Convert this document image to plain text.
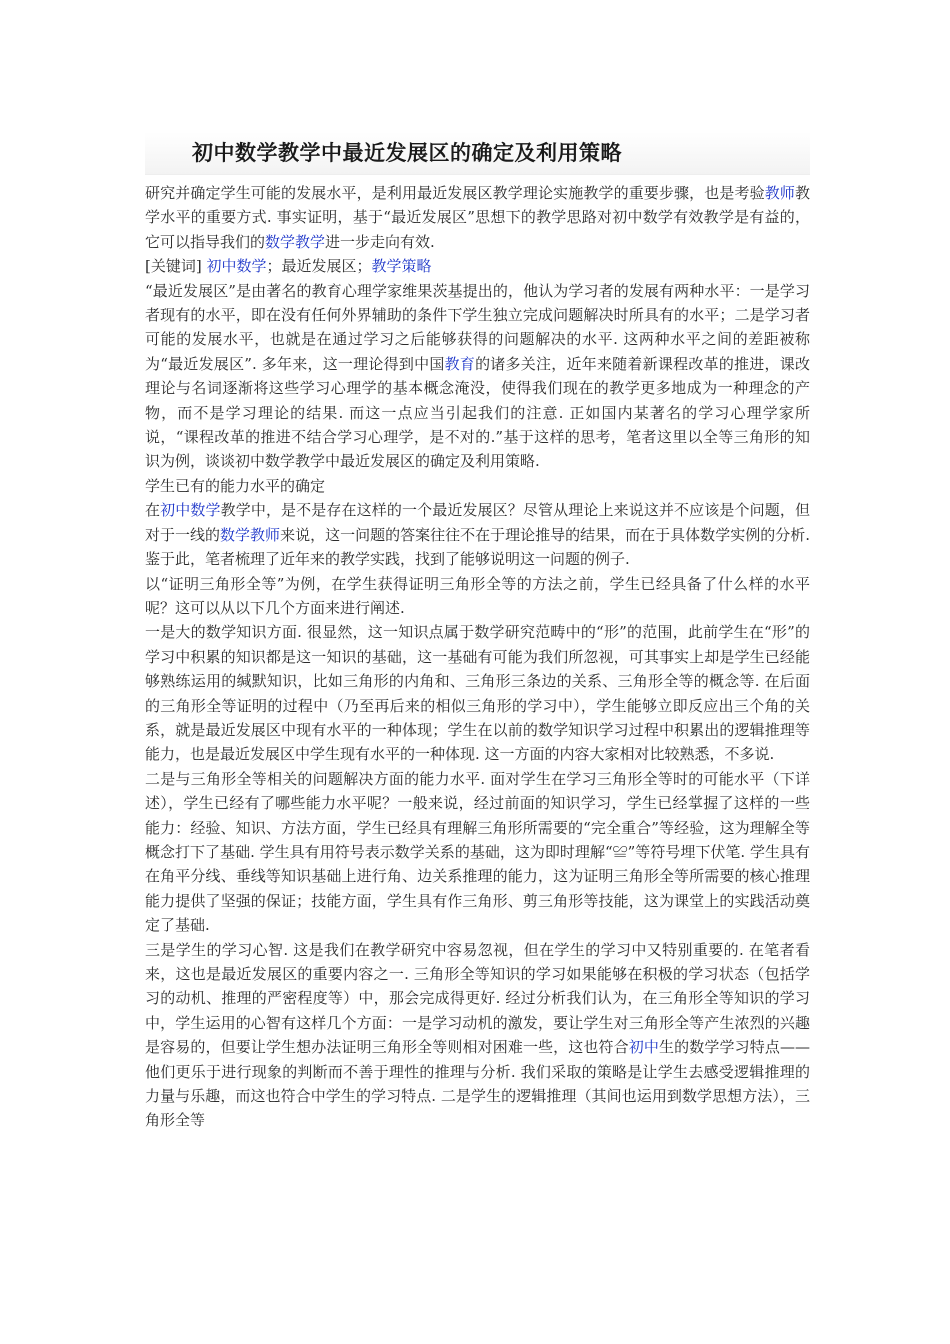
初中数学教学中最近发展区的确定及利用策略

研究并确定学生可能的发展水平，是利用最近发展区教学理论实施教学的重要步骤，也是考验教师教学水平的重要方式. 事实证明，基于“最近发展区”思想下的教学思路对初中数学有效教学是有益的，它可以指导我们的数学教学进一步走向有效.

[关键词] 初中数学；最近发展区；教学策略

“最近发展区”是由著名的教育心理学家维果茨基提出的，他认为学习者的发展有两种水平：一是学习者现有的水平，即在没有任何外界辅助的条件下学生独立完成问题解决时所具有的水平；二是学习者可能的发展水平，也就是在通过学习之后能够获得的问题解决的水平. 这两种水平之间的差距被称为“最近发展区”. 多年来，这一理论得到中国教育的诸多关注，近年来随着新课程改革的推进，课改理论与名词逐渐将这些学习心理学的基本概念淹没，使得我们现在的教学更多地成为一种理念的产物，而不是学习理论的结果. 而这一点应当引起我们的注意. 正如国内某著名的学习心理学家所说，“课程改革的推进不结合学习心理学，是不对的.”基于这样的思考，笔者这里以全等三角形的知识为例，谈谈初中数学教学中最近发展区的确定及利用策略.

学生已有的能力水平的确定

在初中数学教学中，是不是存在这样的一个最近发展区？尽管从理论上来说这并不应该是个问题，但对于一线的数学教师来说，这一问题的答案往往不在于理论推导的结果，而在于具体数学实例的分析. 鉴于此，笔者梳理了近年来的教学实践，找到了能够说明这一问题的例子.

以“证明三角形全等”为例，在学生获得证明三角形全等的方法之前，学生已经具备了什么样的水平呢？这可以从以下几个方面来进行阐述.

一是大的数学知识方面. 很显然，这一知识点属于数学研究范畴中的“形”的范围，此前学生在“形”的学习中积累的知识都是这一知识的基础，这一基础有可能为我们所忽视，可其事实上却是学生已经能够熟练运用的缄默知识，比如三角形的内角和、三角形三条边的关系、三角形全等的概念等. 在后面的三角形全等证明的过程中（乃至再后来的相似三角形的学习中），学生能够立即反应出三个角的关系，就是最近发展区中现有水平的一种体现；学生在以前的数学知识学习过程中积累出的逻辑推理等能力，也是最近发展区中学生现有水平的一种体现. 这一方面的内容大家相对比较熟悉，不多说.

二是与三角形全等相关的问题解决方面的能力水平. 面对学生在学习三角形全等时的可能水平（下详述），学生已经有了哪些能力水平呢？一般来说，经过前面的知识学习，学生已经掌握了这样的一些能力：经验、知识、方法方面，学生已经具有理解三角形所需要的“完全重合”等经验，这为理解全等概念打下了基础. 学生具有用符号表示数学关系的基础，这为即时理解“≌”等符号埋下伏笔. 学生具有在角平分线、垂线等知识基础上进行角、边关系推理的能力，这为证明三角形全等所需要的核心推理能力提供了坚强的保证；技能方面，学生具有作三角形、剪三角形等技能，这为课堂上的实践活动奠定了基础.

三是学生的学习心智. 这是我们在教学研究中容易忽视，但在学生的学习中又特别重要的. 在笔者看来，这也是最近发展区的重要内容之一. 三角形全等知识的学习如果能够在积极的学习状态（包括学习的动机、推理的严密程度等）中，那会完成得更好. 经过分析我们认为，在三角形全等知识的学习中，学生运用的心智有这样几个方面：一是学习动机的激发，要让学生对三角形全等产生浓烈的兴趣是容易的，但要让学生想办法证明三角形全等则相对困难一些，这也符合初中生的数学学习特点——他们更乐于进行现象的判断而不善于理性的推理与分析. 我们采取的策略是让学生去感受逻辑推理的力量与乐趣，而这也符合中学生的学习特点. 二是学生的逻辑推理（其间也运用到数学思想方法），三角形全等
